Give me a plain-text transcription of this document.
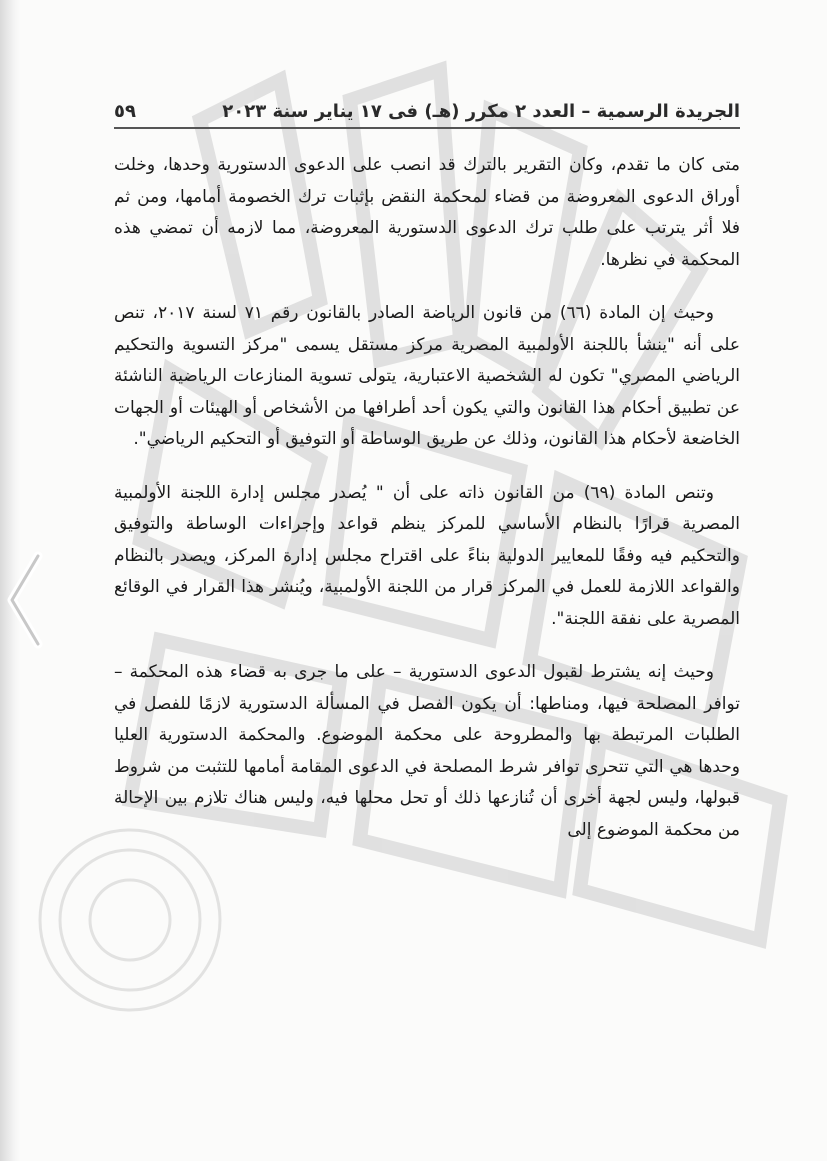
الجريدة الرسمية – العدد ٢ مكرر (هـ) فى ١٧ يناير سنة ٢٠٢٣
٥٩

متى كان ما تقدم، وكان التقرير بالترك قد انصب على الدعوى الدستورية وحدها، وخلت أوراق الدعوى المعروضة من قضاء لمحكمة النقض بإثبات ترك الخصومة أمامها، ومن ثم فلا أثر يترتب على طلب ترك الدعوى الدستورية المعروضة، مما لازمه أن تمضي هذه المحكمة في نظرها.

وحيث إن المادة (٦٦) من قانون الرياضة الصادر بالقانون رقم ٧١ لسنة ٢٠١٧، تنص على أنه "ينشأ باللجنة الأولمبية المصرية مركز مستقل يسمى "مركز التسوية والتحكيم الرياضي المصري" تكون له الشخصية الاعتبارية، يتولى تسوية المنازعات الرياضية الناشئة عن تطبيق أحكام هذا القانون والتي يكون أحد أطرافها من الأشخاص أو الهيئات أو الجهات الخاضعة لأحكام هذا القانون، وذلك عن طريق الوساطة أو التوفيق أو التحكيم الرياضي".

وتنص المادة (٦٩) من القانون ذاته على أن " يُصدر مجلس إدارة اللجنة الأولمبية المصرية قرارًا بالنظام الأساسي للمركز ينظم قواعد وإجراءات الوساطة والتوفيق والتحكيم فيه وفقًا للمعايير الدولية بناءً على اقتراح مجلس إدارة المركز، ويصدر بالنظام والقواعد اللازمة للعمل في المركز قرار من اللجنة الأولمبية، ويُنشر هذا القرار في الوقائع المصرية على نفقة اللجنة".

وحيث إنه يشترط لقبول الدعوى الدستورية – على ما جرى به قضاء هذه المحكمة – توافر المصلحة فيها، ومناطها: أن يكون الفصل في المسألة الدستورية لازمًا للفصل في الطلبات المرتبطة بها والمطروحة على محكمة الموضوع. والمحكمة الدستورية العليا وحدها هي التي تتحرى توافر شرط المصلحة في الدعوى المقامة أمامها للتثبت من شروط قبولها، وليس لجهة أخرى أن تُنازعها ذلك أو تحل محلها فيه، وليس هناك تلازم بين الإحالة من محكمة الموضوع إلى
